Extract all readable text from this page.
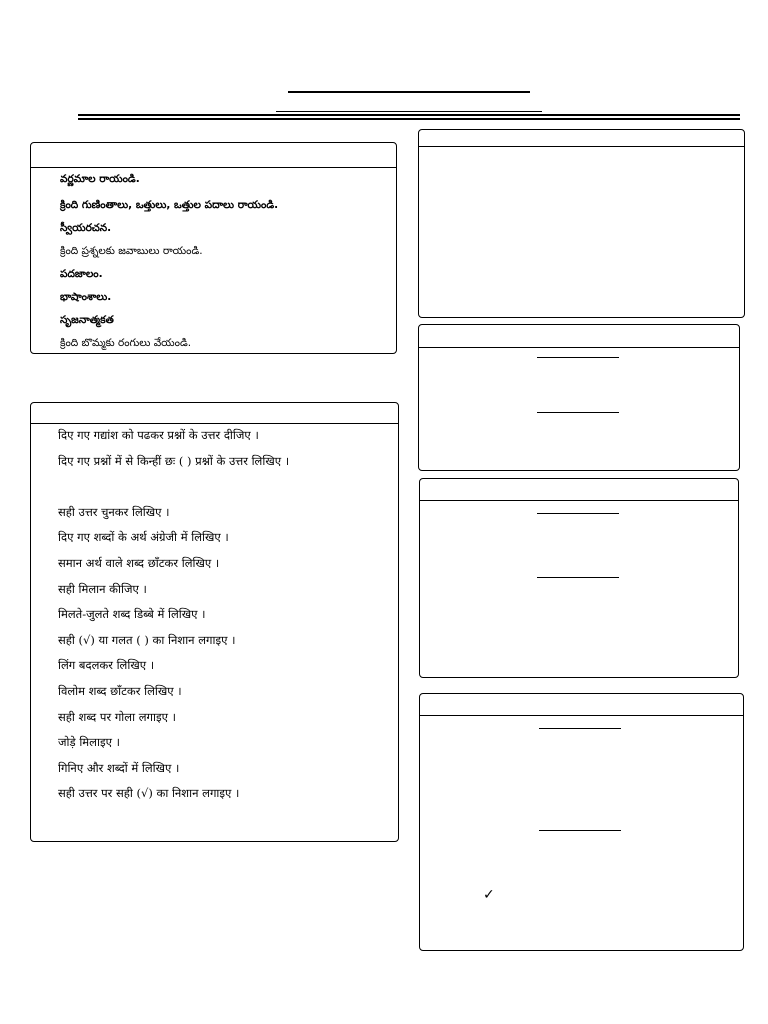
వర్ణమాల రాయండి.
క్రింది గుణింతాలు, ఒత్తులు, ఒత్తుల పదాలు రాయండి.
స్వీయరచన.
క్రింది ప్రశ్నలకు జవాబులు రాయండి.
పదజాలం.
భాషాంశాలు.
సృజనాత్మకత
క్రింది బొమ్మకు రంగులు వేయండి.
दिए गए गद्यांश को पढकर प्रश्नों के उत्तर दीजिए ।
दिए गए प्रश्नों में से किन्हीं छः ( ) प्रश्नों के उत्तर लिखिए ।
सही उत्तर चुनकर लिखिए ।
दिए गए शब्दों के अर्थ अंग्रेजी में लिखिए ।
समान अर्थ वाले शब्द छाँटकर लिखिए ।
सही मिलान कीजिए ।
मिलते-जुलते शब्द डिब्बे में लिखिए ।
सही (√) या गलत ( ) का निशान लगाइए ।
लिंग बदलकर लिखिए ।
विलोम शब्द छाँटकर लिखिए ।
सही शब्द पर गोला लगाइए ।
जोड़े मिलाइए ।
गिनिए और शब्दों में लिखिए ।
सही उत्तर पर सही (√) का निशान लगाइए ।
✓
